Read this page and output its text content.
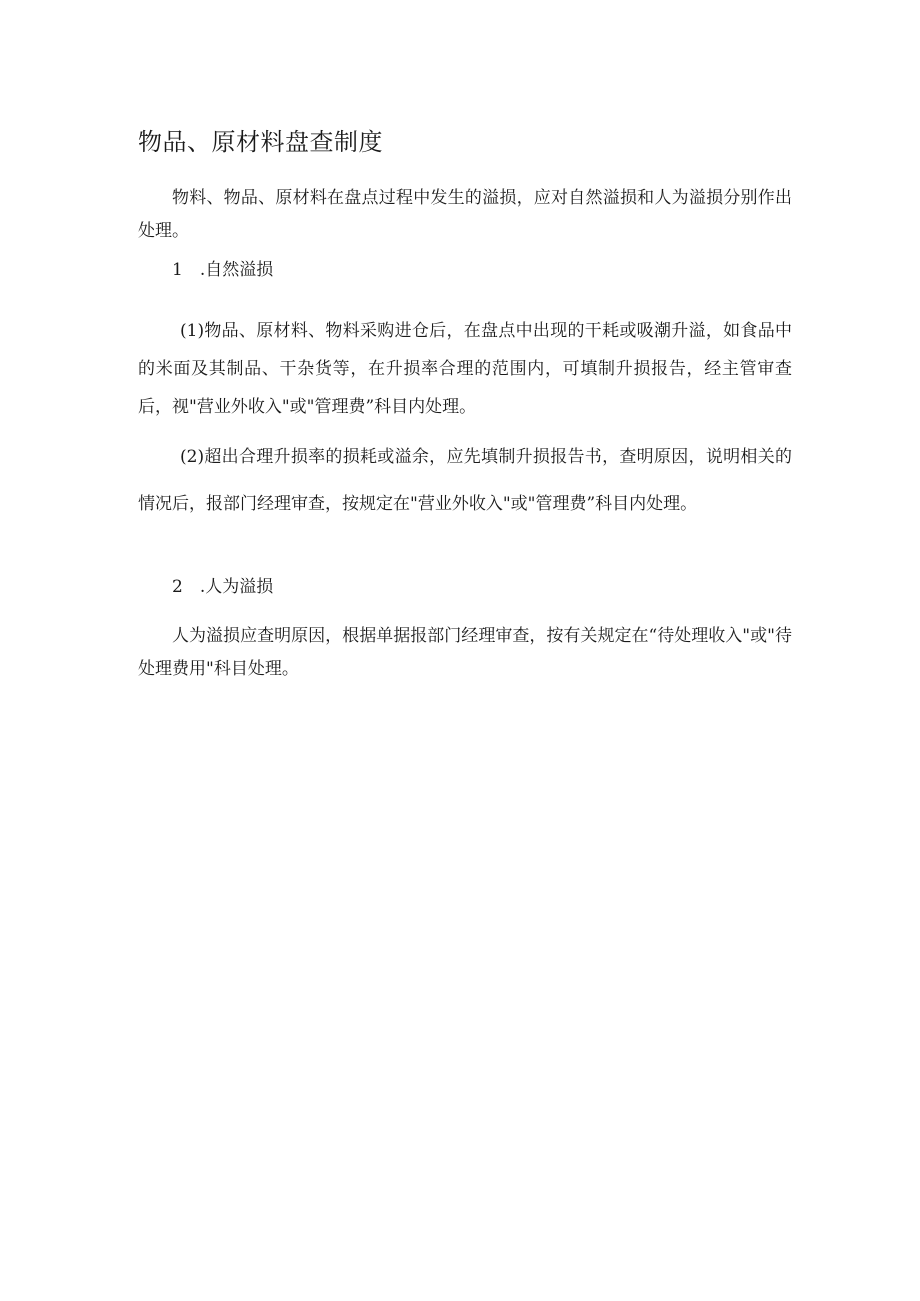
物品、原材料盘查制度

物料、物品、原材料在盘点过程中发生的溢损，应对自然溢损和人为溢损分别作出处理。

1　.自然溢损

(1)物品、原材料、物料采购进仓后，在盘点中出现的干耗或吸潮升溢，如食品中的米面及其制品、干杂货等，在升损率合理的范围内，可填制升损报告，经主管审查后，视"营业外收入"或"管理费”科目内处理。

(2)超出合理升损率的损耗或溢余，应先填制升损报告书，查明原因，说明相关的情况后，报部门经理审查，按规定在"营业外收入"或"管理费”科目内处理。

2　.人为溢损

人为溢损应查明原因，根据单据报部门经理审查，按有关规定在“待处理收入"或"待处理费用"科目处理。
